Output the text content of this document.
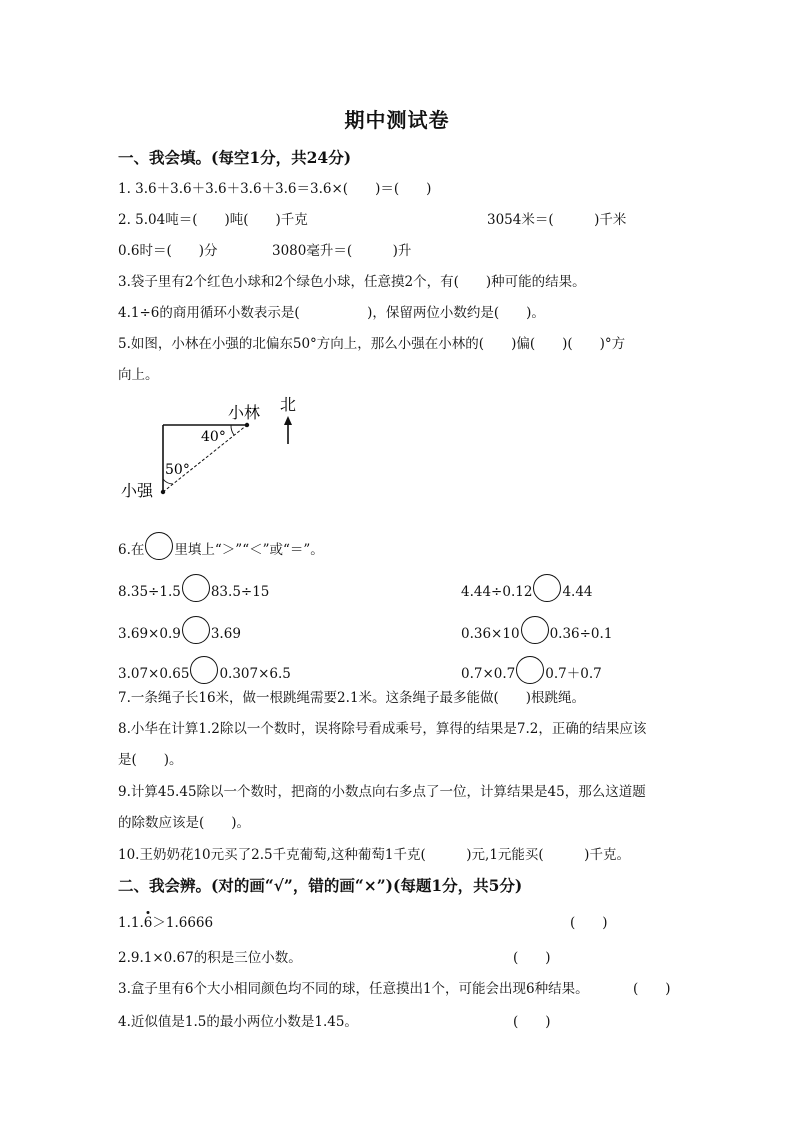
期中测试卷
一、我会填。(每空1分，共24分)
1. 3.6＋3.6＋3.6＋3.6＋3.6＝3.6×(　　)＝(　　)
2. 5.04吨＝(　　)吨(　　)千克	3054米＝(　　　)千米
0.6时＝(　　)分	3080毫升＝(　　　)升
3.袋子里有2个红色小球和2个绿色小球，任意摸2个，有(　　)种可能的结果。
4.1÷6的商用循环小数表示是(　　　　　)，保留两位小数约是(　　)。
5.如图，小林在小强的北偏东50°方向上，那么小强在小林的(　　)偏(　　)(　　)°方
向上。
小林 北
40°
50°
小强
6.在 里填上“＞”“＜”或“＝”。
8.35÷1.5 83.5÷15	4.44÷0.12 4.44
3.69×0.9 3.69	0.36×10 0.36÷0.1
3.07×0.65 0.307×6.5	0.7×0.7 0.7＋0.7
7.一条绳子长16米，做一根跳绳需要2.1米。这条绳子最多能做(　　)根跳绳。
8.小华在计算1.2除以一个数时，误将除号看成乘号，算得的结果是7.2，正确的结果应该
是(　　)。
9.计算45.45除以一个数时，把商的小数点向右多点了一位，计算结果是45，那么这道题
的除数应该是(　　)。
10.王奶奶花10元买了2.5千克葡萄,这种葡萄1千克(　　　)元,1元能买(　　　)千克。
二、我会辨。(对的画“√”，错的画“×”)(每题1分，共5分)
1.1.6＞1.6666	(　　)
2.9.1×0.67的积是三位小数。	(　　)
3.盒子里有6个大小相同颜色均不同的球，任意摸出1个，可能会出现6种结果。	(　　)
4.近似值是1.5的最小两位小数是1.45。	(　　)
